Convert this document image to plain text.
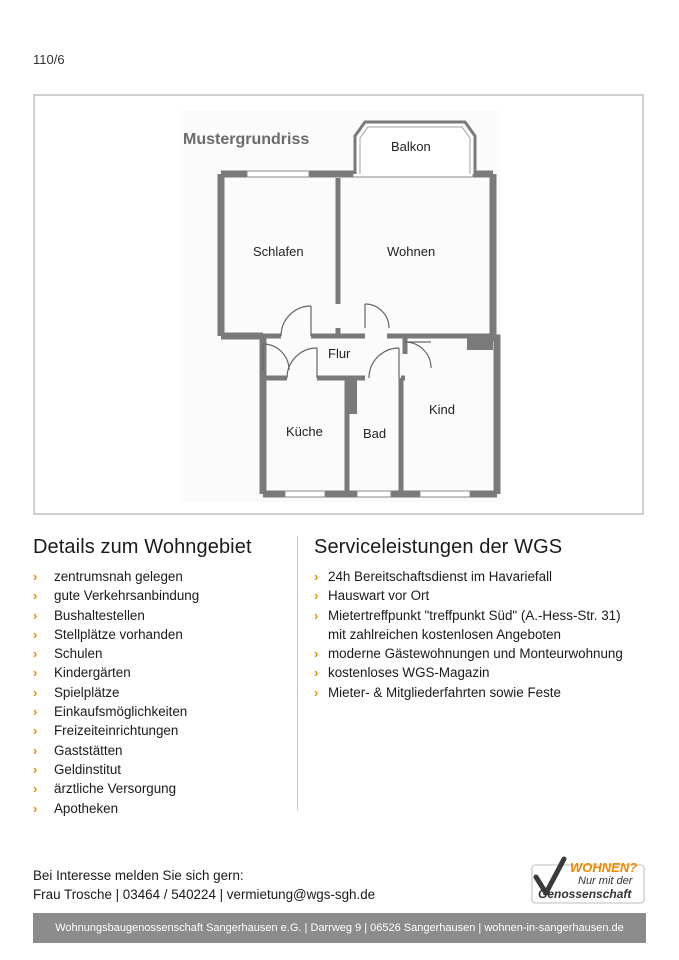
110/6
Mustergrundriss	Balkon
Schlafen	Wohnen
Flur
Kind
Küche	Bad
Details zum Wohngebiet
› zentrumsnah gelegen
› gute Verkehrsanbindung
› Bushaltestellen
› Stellplätze vorhanden
› Schulen
› Kindergärten
› Spielplätze
› Einkaufsmöglichkeiten
› Freizeiteinrichtungen
› Gaststätten
› Geldinstitut
› ärztliche Versorgung
› Apotheken
Serviceleistungen der WGS
› 24h Bereitschaftsdienst im Havariefall
› Hauswart vor Ort
› Mietertreffpunkt "treffpunkt Süd" (A.-Hess-Str. 31)
mit zahlreichen kostenlosen Angeboten
› moderne Gästewohnungen und Monteurwohnung
› kostenloses WGS-Magazin
› Mieter- & Mitgliederfahrten sowie Feste
Bei Interesse melden Sie sich gern:
Frau Trosche | 03464 / 540224 | vermietung@wgs-sgh.de
WOHNEN?
Nur mit der
Genossenschaft
Wohnungsbaugenossenschaft Sangerhausen e.G. | Darrweg 9 | 06526 Sangerhausen | wohnen-in-sangerhausen.de
